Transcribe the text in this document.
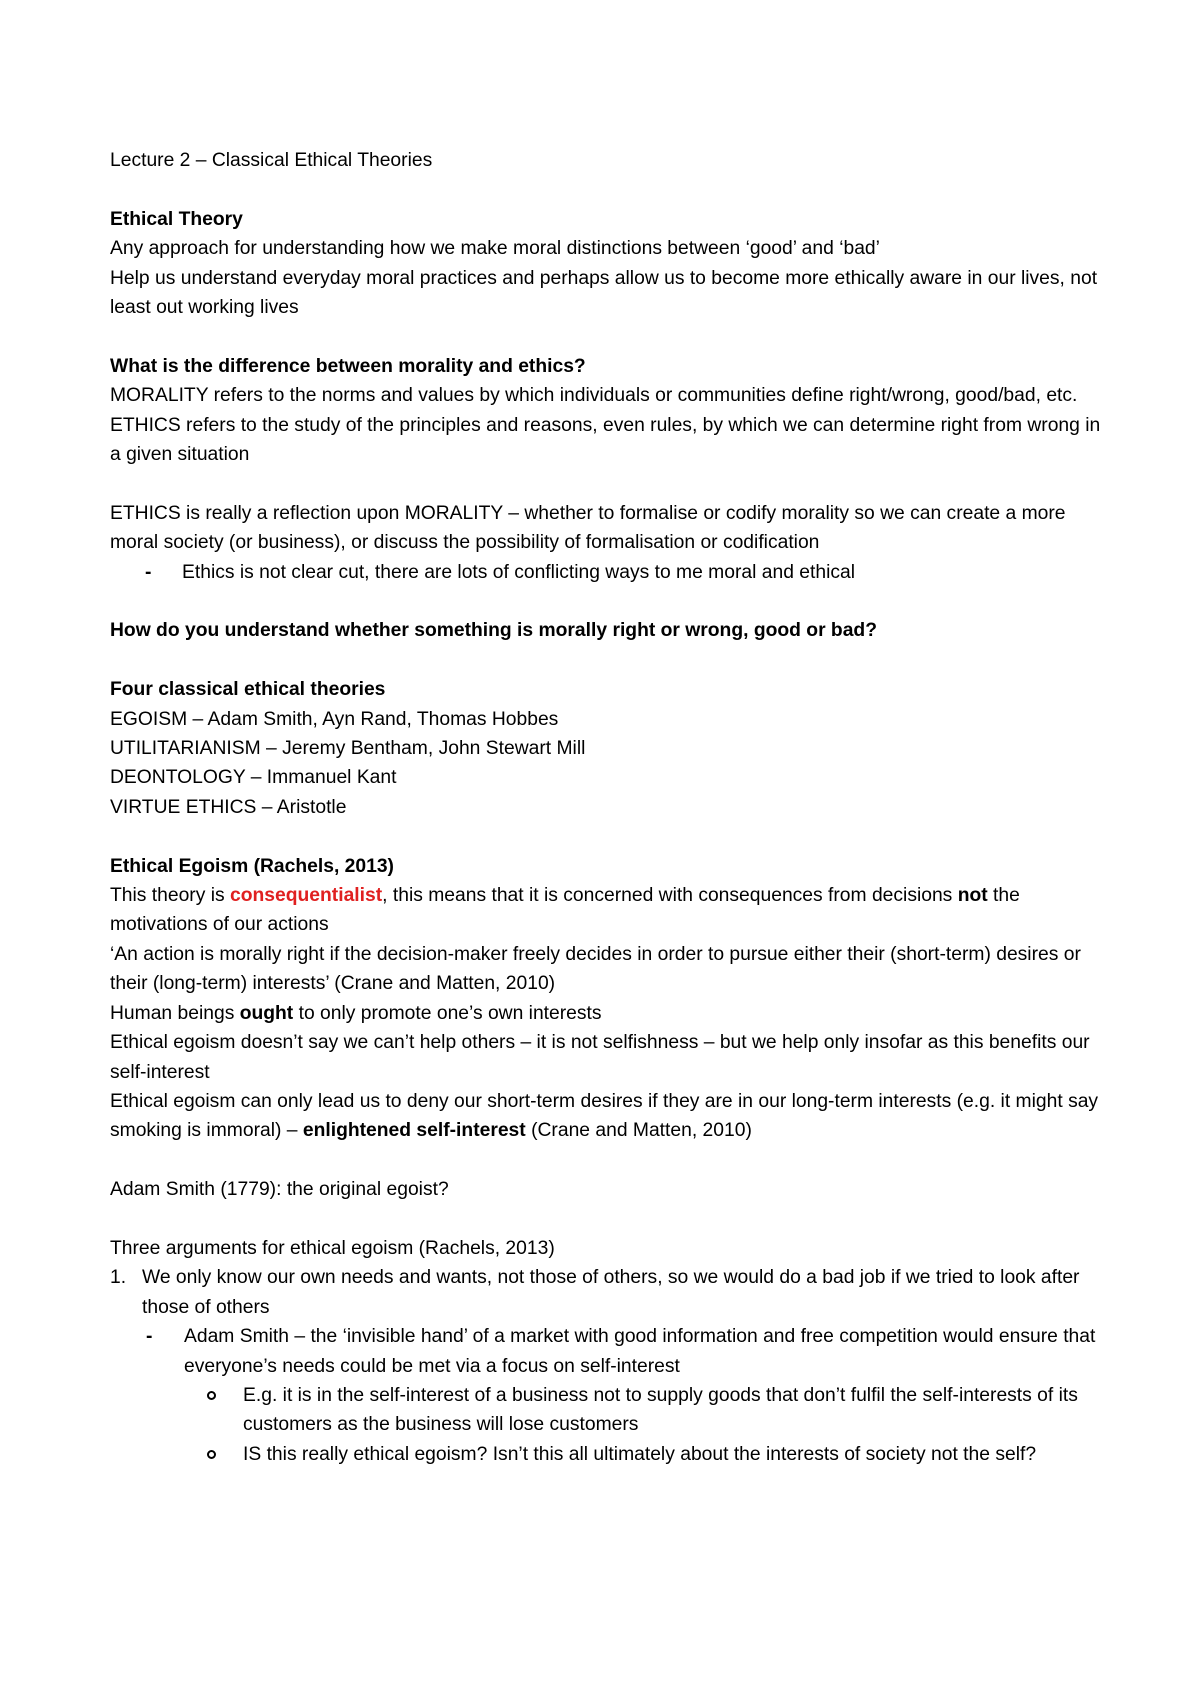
Lecture 2 – Classical Ethical Theories

Ethical Theory

Any approach for understanding how we make moral distinctions between ‘good’ and ‘bad’

Help us understand everyday moral practices and perhaps allow us to become more ethically aware in our lives, not least out working lives

What is the difference between morality and ethics?

MORALITY refers to the norms and values by which individuals or communities define right/wrong, good/bad, etc.

ETHICS refers to the study of the principles and reasons, even rules, by which we can determine right from wrong in a given situation

ETHICS is really a reflection upon MORALITY – whether to formalise or codify morality so we can create a more moral society (or business), or discuss the possibility of formalisation or codification

- Ethics is not clear cut, there are lots of conflicting ways to me moral and ethical

How do you understand whether something is morally right or wrong, good or bad?

Four classical ethical theories

EGOISM – Adam Smith, Ayn Rand, Thomas Hobbes

UTILITARIANISM – Jeremy Bentham, John Stewart Mill

DEONTOLOGY – Immanuel Kant

VIRTUE ETHICS – Aristotle

Ethical Egoism (Rachels, 2013)

This theory is consequentialist, this means that it is concerned with consequences from decisions not the motivations of our actions

‘An action is morally right if the decision-maker freely decides in order to pursue either their (short-term) desires or their (long-term) interests’ (Crane and Matten, 2010)

Human beings ought to only promote one’s own interests

Ethical egoism doesn’t say we can’t help others – it is not selfishness – but we help only insofar as this benefits our self-interest

Ethical egoism can only lead us to deny our short-term desires if they are in our long-term interests (e.g. it might say smoking is immoral) – enlightened self-interest (Crane and Matten, 2010)

Adam Smith (1779): the original egoist?

Three arguments for ethical egoism (Rachels, 2013)

1. We only know our own needs and wants, not those of others, so we would do a bad job if we tried to look after those of others
- Adam Smith – the ‘invisible hand’ of a market with good information and free competition would ensure that everyone’s needs could be met via a focus on self-interest
E.g. it is in the self-interest of a business not to supply goods that don’t fulfil the self-interests of its customers as the business will lose customers
IS this really ethical egoism? Isn’t this all ultimately about the interests of society not the self?
